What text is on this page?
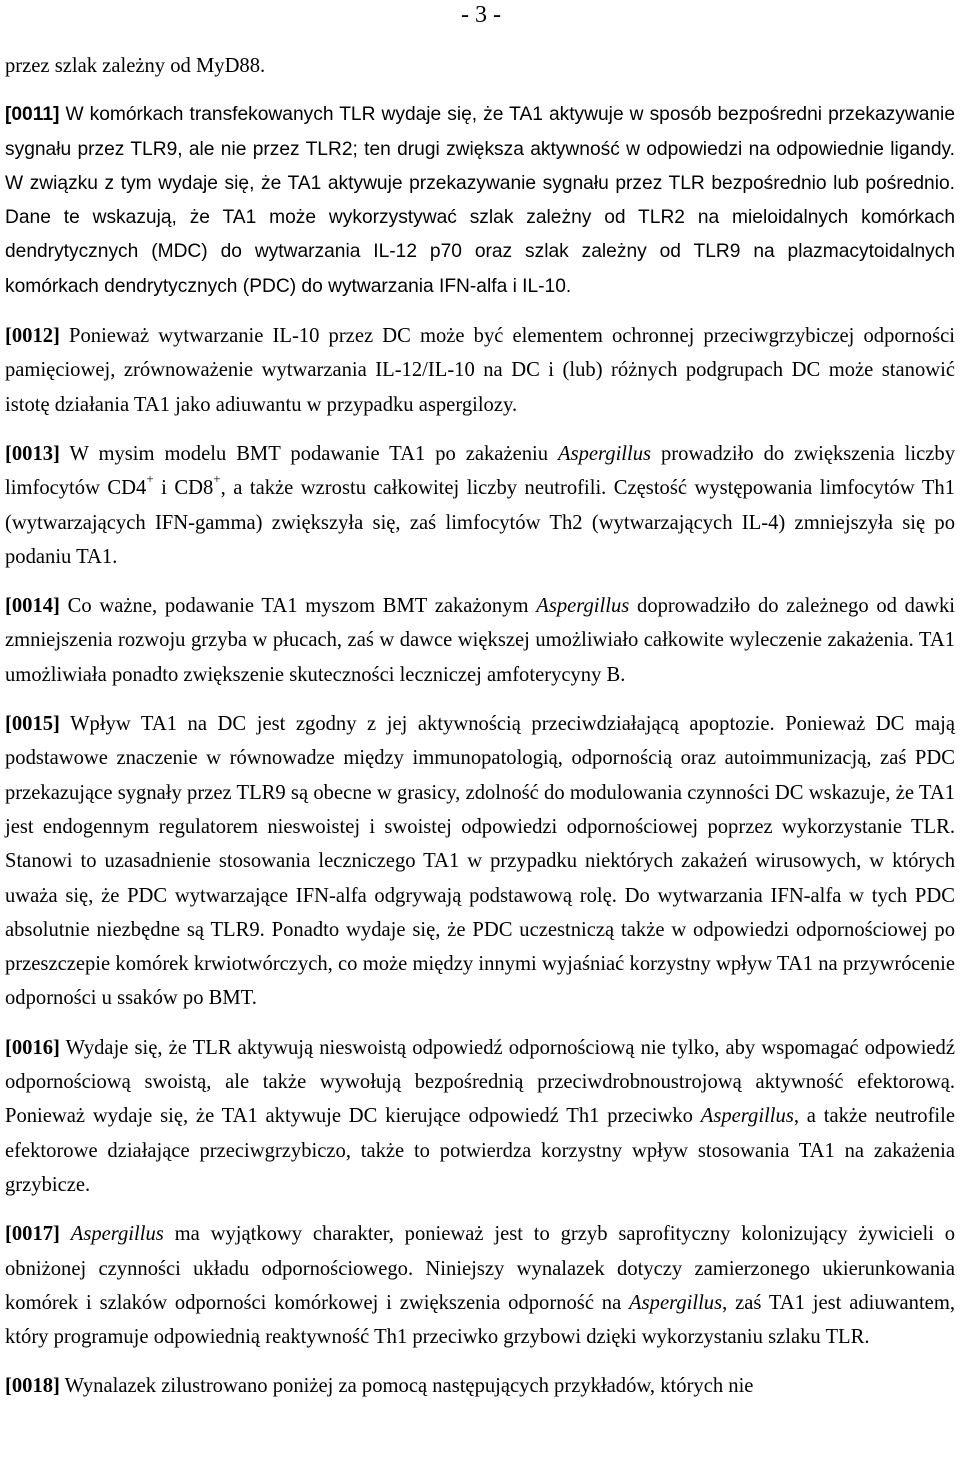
- 3 -

przez szlak zależny od MyD88.

[0011] W komórkach transfekowanych TLR wydaje się, że TA1 aktywuje w sposób bezpośredni przekazywanie sygnału przez TLR9, ale nie przez TLR2; ten drugi zwiększa aktywność w odpowiedzi na odpowiednie ligandy. W związku z tym wydaje się, że TA1 aktywuje przekazywanie sygnału przez TLR bezpośrednio lub pośrednio. Dane te wskazują, że TA1 może wykorzystywać szlak zależny od TLR2 na mieloidalnych komórkach dendrytycznych (MDC) do wytwarzania IL-12 p70 oraz szlak zależny od TLR9 na plazmacytoidalnych komórkach dendrytycznych (PDC) do wytwarzania IFN-alfa i IL-10.

[0012] Ponieważ wytwarzanie IL-10 przez DC może być elementem ochronnej przeciwgrzybiczej odporności pamięciowej, zrównoważenie wytwarzania IL-12/IL-10 na DC i (lub) różnych podgrupach DC może stanowić istotę działania TA1 jako adiuwantu w przypadku aspergilozy.

[0013] W mysim modelu BMT podawanie TA1 po zakażeniu Aspergillus prowadziło do zwiększenia liczby limfocytów CD4+ i CD8+, a także wzrostu całkowitej liczby neutrofili. Częstość występowania limfocytów Th1 (wytwarzających IFN-gamma) zwiększyła się, zaś limfocytów Th2 (wytwarzających IL-4) zmniejszyła się po podaniu TA1.

[0014] Co ważne, podawanie TA1 myszom BMT zakażonym Aspergillus doprowadziło do zależnego od dawki zmniejszenia rozwoju grzyba w płucach, zaś w dawce większej umożliwiało całkowite wyleczenie zakażenia. TA1 umożliwiała ponadto zwiększenie skuteczności leczniczej amfoterycyny B.

[0015] Wpływ TA1 na DC jest zgodny z jej aktywnością przeciwdziałającą apoptozie. Ponieważ DC mają podstawowe znaczenie w równowadze między immunopatologią, odpornością oraz autoimmunizacją, zaś PDC przekazujące sygnały przez TLR9 są obecne w grasicy, zdolność do modulowania czynności DC wskazuje, że TA1 jest endogennym regulatorem nieswoistej i swoistej odpowiedzi odpornościowej poprzez wykorzystanie TLR. Stanowi to uzasadnienie stosowania leczniczego TA1 w przypadku niektórych zakażeń wirusowych, w których uważa się, że PDC wytwarzające IFN-alfa odgrywają podstawową rolę. Do wytwarzania IFN-alfa w tych PDC absolutnie niezbędne są TLR9. Ponadto wydaje się, że PDC uczestniczą także w odpowiedzi odpornościowej po przeszczepie komórek krwiotwórczych, co może między innymi wyjaśniać korzystny wpływ TA1 na przywrócenie odporności u ssaków po BMT.

[0016] Wydaje się, że TLR aktywują nieswoistą odpowiedź odpornościową nie tylko, aby wspomagać odpowiedź odpornościową swoistą, ale także wywołują bezpośrednią przeciwdrobnoustrojową aktywność efektorową. Ponieważ wydaje się, że TA1 aktywuje DC kierujące odpowiedź Th1 przeciwko Aspergillus, a także neutrofile efektorowe działające przeciwgrzybiczo, także to potwierdza korzystny wpływ stosowania TA1 na zakażenia grzybicze.

[0017] Aspergillus ma wyjątkowy charakter, ponieważ jest to grzyb saprofityczny kolonizujący żywicieli o obniżonej czynności układu odpornościowego. Niniejszy wynalazek dotyczy zamierzonego ukierunkowania komórek i szlaków odporności komórkowej i zwiększenia odporność na Aspergillus, zaś TA1 jest adiuwantem, który programuje odpowiednią reaktywność Th1 przeciwko grzybowi dzięki wykorzystaniu szlaku TLR.

[0018] Wynalazek zilustrowano poniżej za pomocą następujących przykładów, których nie
